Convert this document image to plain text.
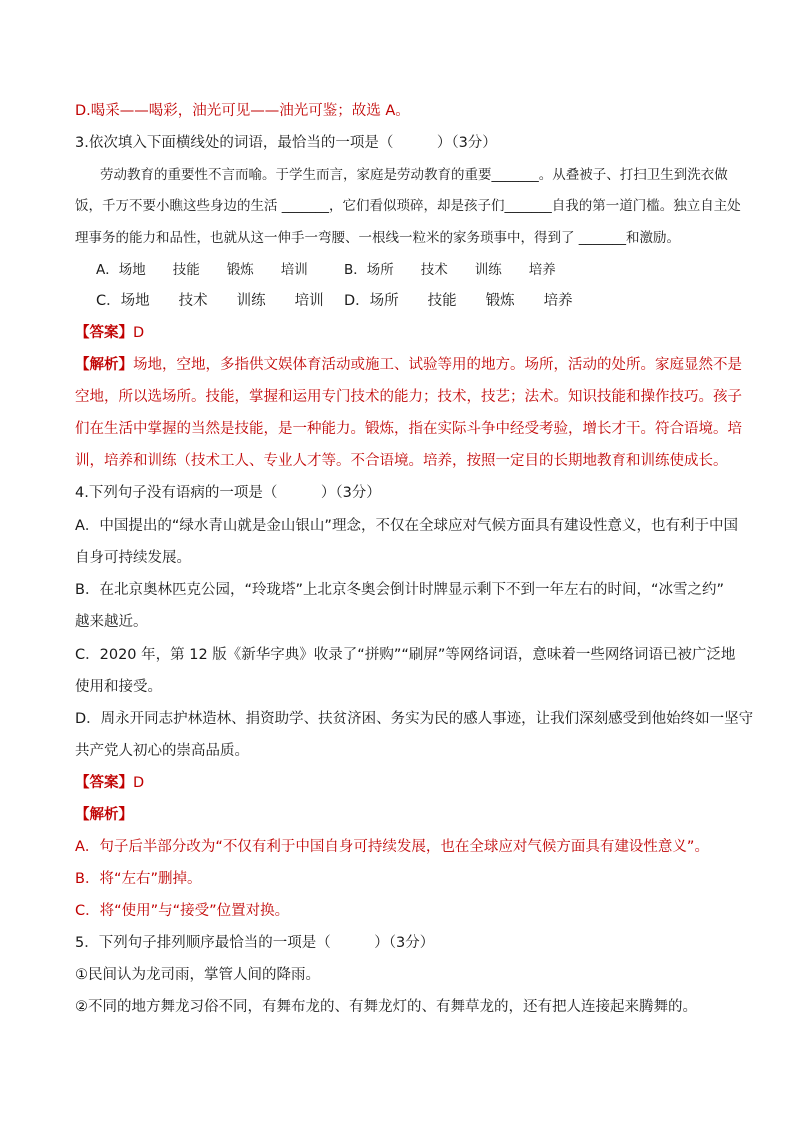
D.喝采——喝彩，油光可见——油光可鉴；故选 A。
3.依次填入下面横线处的词语，最恰当的一项是（　　　）（3分）
劳动教育的重要性不言而喻。于学生而言，家庭是劳动教育的重要_______。从叠被子、打扫卫生到洗衣做
饭，千万不要小瞧这些身边的生活 _______，它们看似琐碎，却是孩子们_______自我的第一道门槛。独立自主处
理事务的能力和品性，也就从这一伸手一弯腰、一根线一粒米的家务琐事中，得到了 _______和激励。
A．场地　　技能　　锻炼　　培训	B．场所　　技术　　训练　　培养
C．场地　　技术　　训练　　培训 D．场所　　技能　　锻炼　　培养
【答案】D
【解析】场地，空地，多指供文娱体育活动或施工、试验等用的地方。场所，活动的处所。家庭显然不是
空地，所以选场所。技能，掌握和运用专门技术的能力；技术，技艺；法术。知识技能和操作技巧。孩子
们在生活中掌握的当然是技能，是一种能力。锻炼，指在实际斗争中经受考验，增长才干。符合语境。培
训，培养和训练（技术工人、专业人才等。不合语境。培养，按照一定目的长期地教育和训练使成长。
4.下列句子没有语病的一项是（　　　）（3分）
A．中国提出的“绿水青山就是金山银山”理念，不仅在全球应对气候方面具有建设性意义，也有利于中国
自身可持续发展。
B．在北京奥林匹克公园，“玲珑塔”上北京冬奥会倒计时牌显示剩下不到一年左右的时间，“冰雪之约”
越来越近。
C．2020 年，第 12 版《新华字典》收录了“拼购”“刷屏”等网络词语，意味着一些网络词语已被广泛地
使用和接受。
D．周永开同志护林造林、捐资助学、扶贫济困、务实为民的感人事迹，让我们深刻感受到他始终如一坚守
共产党人初心的崇高品质。
【答案】D
【解析】
A．句子后半部分改为“不仅有利于中国自身可持续发展，也在全球应对气候方面具有建设性意义”。
B．将“左右”删掉。
C．将“使用”与“接受”位置对换。
5．下列句子排列顺序最恰当的一项是（　　　）（3分）
①民间认为龙司雨，掌管人间的降雨。
②不同的地方舞龙习俗不同，有舞布龙的、有舞龙灯的、有舞草龙的，还有把人连接起来腾舞的。
